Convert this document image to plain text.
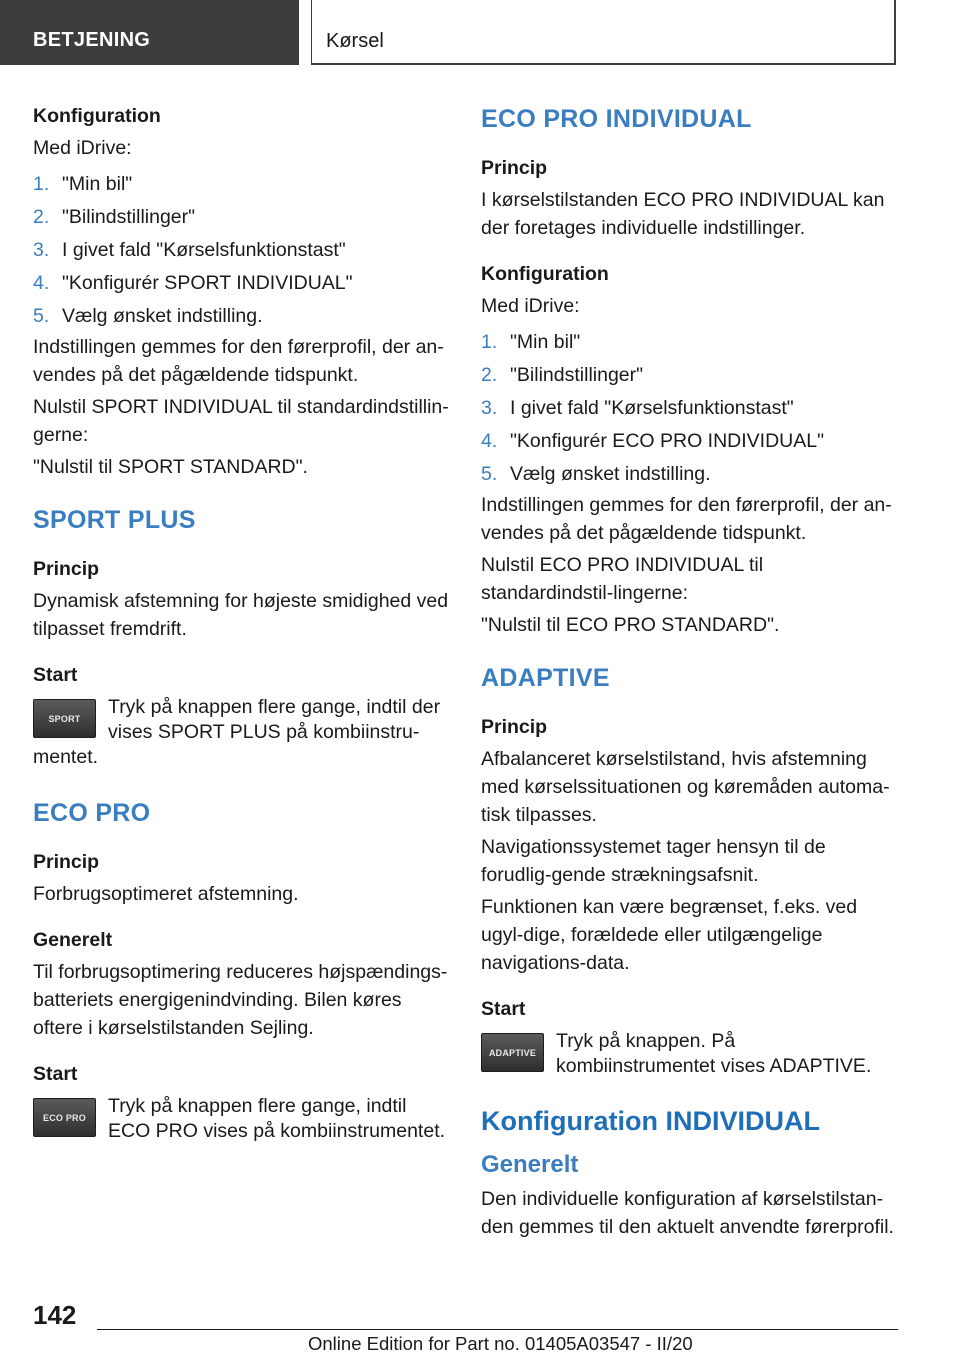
BETJENING	Kørsel
Konfiguration
Med iDrive:
1. "Min bil"
2. "Bilindstillinger"
3. I givet fald "Kørselsfunktionstast"
4. "Konfigurér SPORT INDIVIDUAL"
5. Vælg ønsket indstilling.
Indstillingen gemmes for den førerprofil, der an-vendes på det pågældende tidspunkt.
Nulstil SPORT INDIVIDUAL til standardindstillin-gerne:
"Nulstil til SPORT STANDARD".
SPORT PLUS
Princip
Dynamisk afstemning for højeste smidighed ved tilpasset fremdrift.
Start
SPORT
Tryk på knappen flere gange, indtil der vises SPORT PLUS på kombiinstru-mentet.
ECO PRO
Princip
Forbrugsoptimeret afstemning.
Generelt
Til forbrugsoptimering reduceres højspændings-batteriets energigenindvinding. Bilen køres oftere i kørselstilstanden Sejling.
Start
ECO PRO
Tryk på knappen flere gange, indtil ECO PRO vises på kombiinstrumentet.
ECO PRO INDIVIDUAL
Princip
I kørselstilstanden ECO PRO INDIVIDUAL kan der foretages individuelle indstillinger.
Konfiguration
Med iDrive:
1. "Min bil"
2. "Bilindstillinger"
3. I givet fald "Kørselsfunktionstast"
4. "Konfigurér ECO PRO INDIVIDUAL"
5. Vælg ønsket indstilling.
Indstillingen gemmes for den førerprofil, der an-vendes på det pågældende tidspunkt.
Nulstil ECO PRO INDIVIDUAL til standardindstil-lingerne:
"Nulstil til ECO PRO STANDARD".
ADAPTIVE
Princip
Afbalanceret kørselstilstand, hvis afstemning med kørselssituationen og køremåden automa-tisk tilpasses.
Navigationssystemet tager hensyn til de forudlig-gende strækningsafsnit.
Funktionen kan være begrænset, f.eks. ved ugyl-dige, forældede eller utilgængelige navigations-data.
Start
ADAPTIVE
Tryk på knappen. På kombiinstrumentet vises ADAPTIVE.
Konfiguration INDIVIDUAL
Generelt
Den individuelle konfiguration af kørselstilstan-den gemmes til den aktuelt anvendte førerprofil.
142
Online Edition for Part no. 01405A03547 - II/20
